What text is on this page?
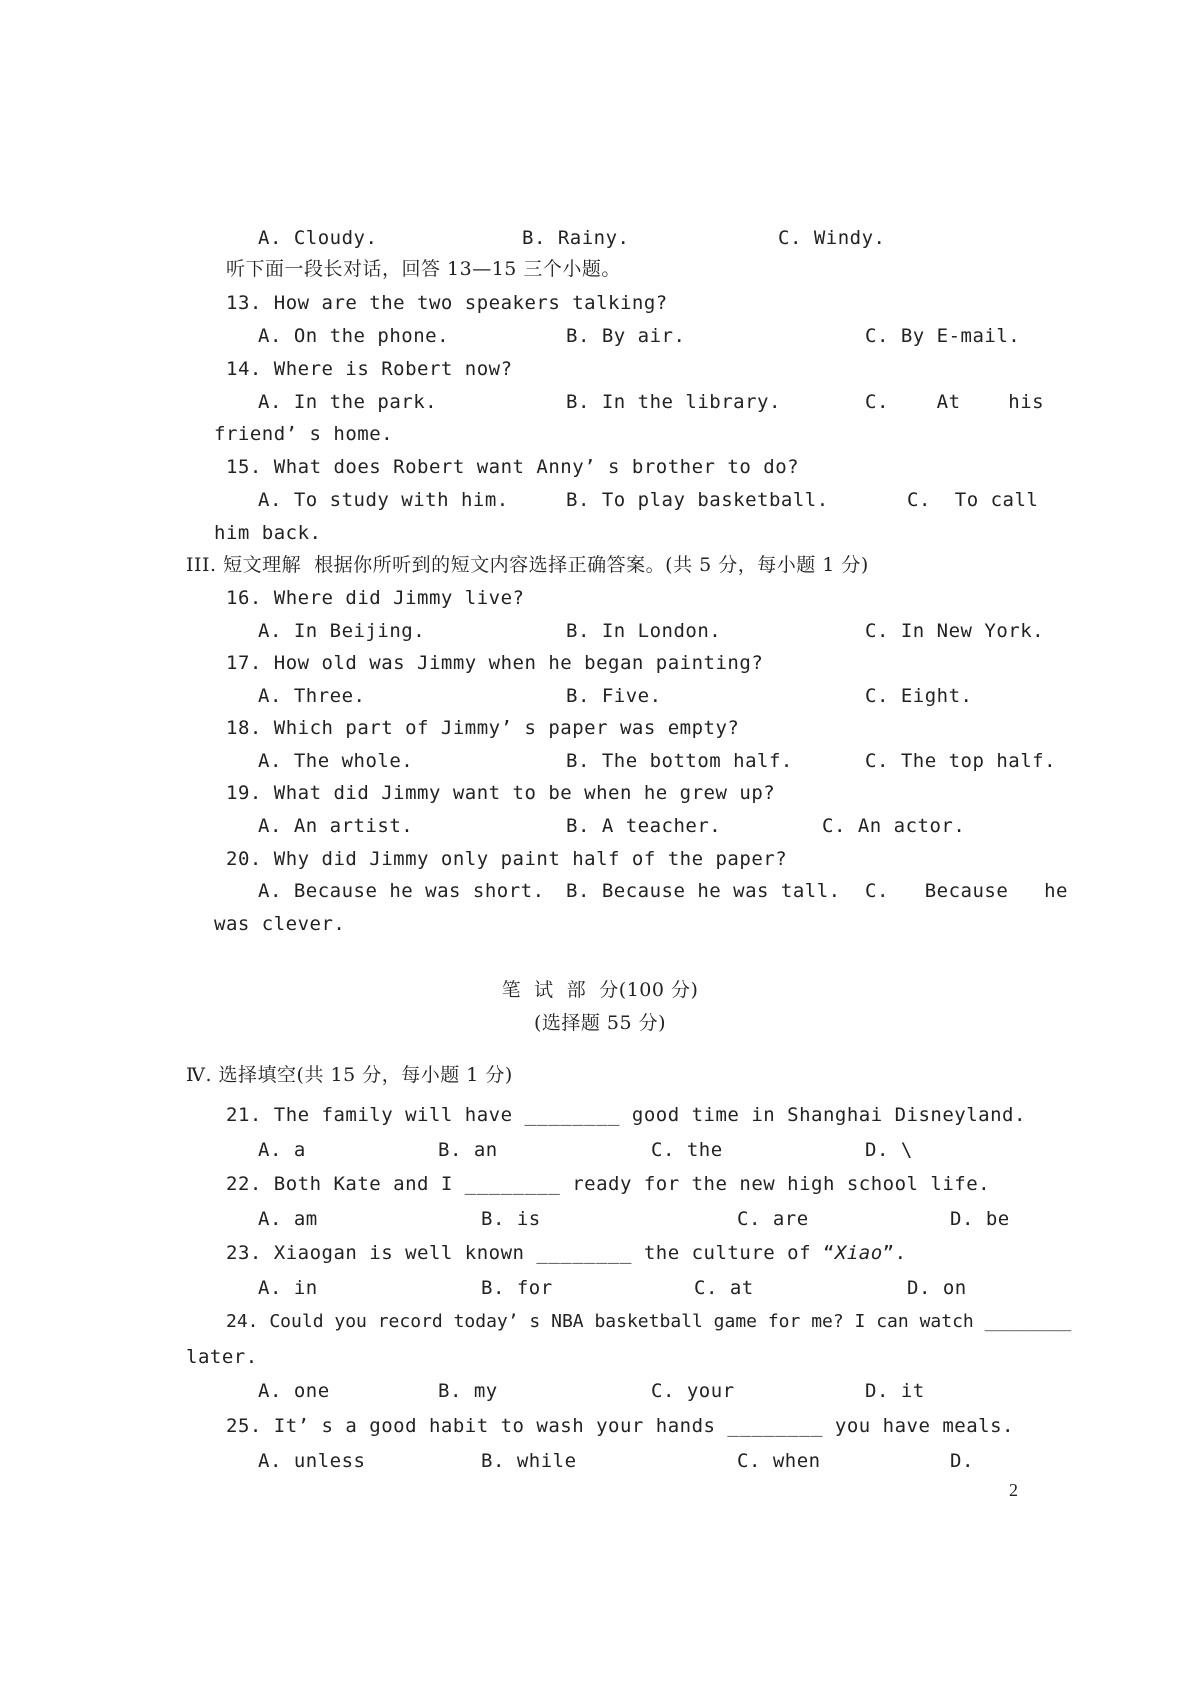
A. Cloudy.	B. Rainy.	C. Windy.
听下面一段长对话，回答 13—15 三个小题。
13. How are the two speakers talking?
A. On the phone.	B. By air.	C. By E-mail.
14. Where is Robert now?
A. In the park.	B. In the library.	C.    At    his
friend’ s home.
15. What does Robert want Anny’ s brother to do?
A. To study with him.	B. To play basketball.	C.  To call
him back.
III. 短文理解  根据你所听到的短文内容选择正确答案。(共 5 分，每小题 1 分)
16. Where did Jimmy live?
A. In Beijing.	B. In London.	C. In New York.
17. How old was Jimmy when he began painting?
A. Three.	B. Five.	C. Eight.
18. Which part of Jimmy’ s paper was empty?
A. The whole.	B. The bottom half.	C. The top half.
19. What did Jimmy want to be when he grew up?
A. An artist.	B. A teacher.	C. An actor.
20. Why did Jimmy only paint half of the paper?
A. Because he was short. B. Because he was tall. C.   Because   he
was clever.
笔  试  部  分(100 分)
(选择题 55 分)
Ⅳ. 选择填空(共 15 分，每小题 1 分)
21. The family will have ________ good time in Shanghai Disneyland.
A. a	B. an	C. the	D. \
22. Both Kate and I ________ ready for the new high school life.
A. am	B. is	C. are	D. be
23. Xiaogan is well known ________ the culture of “Xiao”.
A. in	B. for	C. at	D. on
24. Could you record today’ s NBA basketball game for me? I can watch ________
later.
A. one	B. my	C. your	D. it
25. It’ s a good habit to wash your hands ________ you have meals.
A. unless	B. while	C. when	D.
2
